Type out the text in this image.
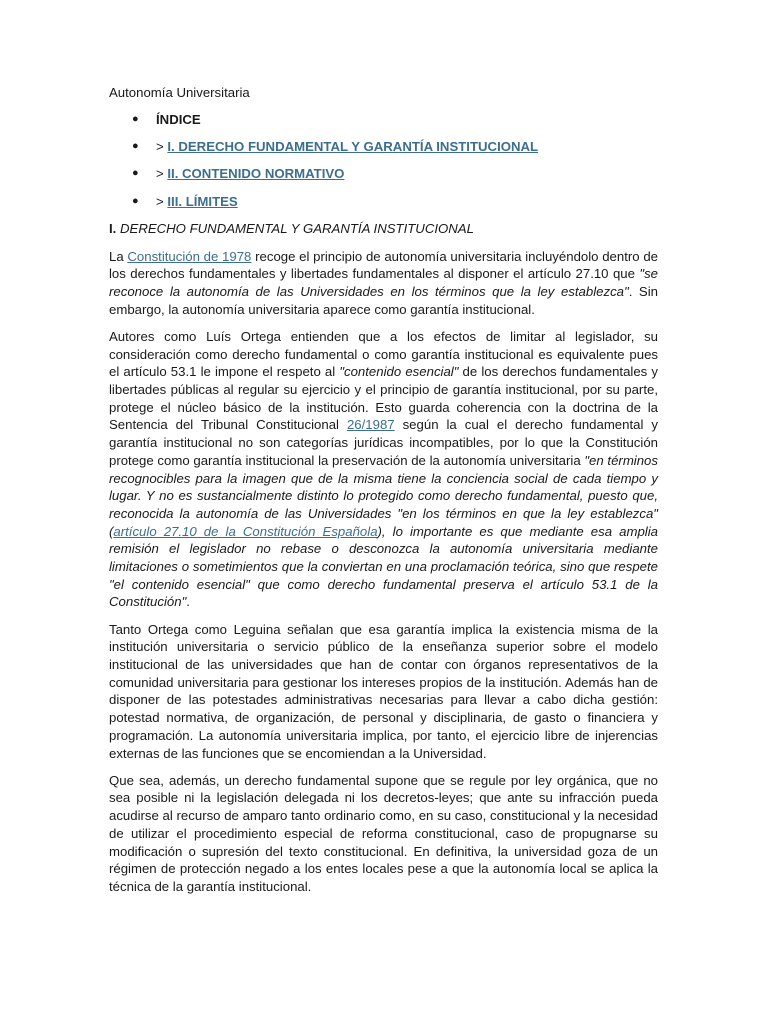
Autonomía Universitaria
● ÍNDICE
● > I. DERECHO FUNDAMENTAL Y GARANTÍA INSTITUCIONAL
● > II. CONTENIDO NORMATIVO
● > III. LÍMITES
I. DERECHO FUNDAMENTAL Y GARANTÍA INSTITUCIONAL

La Constitución de 1978 recoge el principio de autonomía universitaria incluyéndolo dentro de los derechos fundamentales y libertades fundamentales al disponer el artículo 27.10 que "se reconoce la autonomía de las Universidades en los términos que la ley establezca". Sin embargo, la autonomía universitaria aparece como garantía institucional.

Autores como Luís Ortega entienden que a los efectos de limitar al legislador, su consideración como derecho fundamental o como garantía institucional es equivalente pues el artículo 53.1 le impone el respeto al "contenido esencial" de los derechos fundamentales y libertades públicas al regular su ejercicio y el principio de garantía institucional, por su parte, protege el núcleo básico de la institución. Esto guarda coherencia con la doctrina de la Sentencia del Tribunal Constitucional 26/1987 según la cual el derecho fundamental y garantía institucional no son categorías jurídicas incompatibles, por lo que la Constitución protege como garantía institucional la preservación de la autonomía universitaria "en términos recognocibles para la imagen que de la misma tiene la conciencia social de cada tiempo y lugar. Y no es sustancialmente distinto lo protegido como derecho fundamental, puesto que, reconocida la autonomía de las Universidades "en los términos en que la ley establezca" (artículo 27.10 de la Constitución Española), lo importante es que mediante esa amplia remisión el legislador no rebase o desconozca la autonomía universitaria mediante limitaciones o sometimientos que la conviertan en una proclamación teórica, sino que respete "el contenido esencial" que como derecho fundamental preserva el artículo 53.1 de la Constitución".

Tanto Ortega como Leguina señalan que esa garantía implica la existencia misma de la institución universitaria o servicio público de la enseñanza superior sobre el modelo institucional de las universidades que han de contar con órganos representativos de la comunidad universitaria para gestionar los intereses propios de la institución. Además han de disponer de las potestades administrativas necesarias para llevar a cabo dicha gestión: potestad normativa, de organización, de personal y disciplinaria, de gasto o financiera y programación. La autonomía universitaria implica, por tanto, el ejercicio libre de injerencias externas de las funciones que se encomiendan a la Universidad.

Que sea, además, un derecho fundamental supone que se regule por ley orgánica, que no sea posible ni la legislación delegada ni los decretos-leyes; que ante su infracción pueda acudirse al recurso de amparo tanto ordinario como, en su caso, constitucional y la necesidad de utilizar el procedimiento especial de reforma constitucional, caso de propugnarse su modificación o supresión del texto constitucional. En definitiva, la universidad goza de un régimen de protección negado a los entes locales pese a que la autonomía local se aplica la técnica de la garantía institucional.
